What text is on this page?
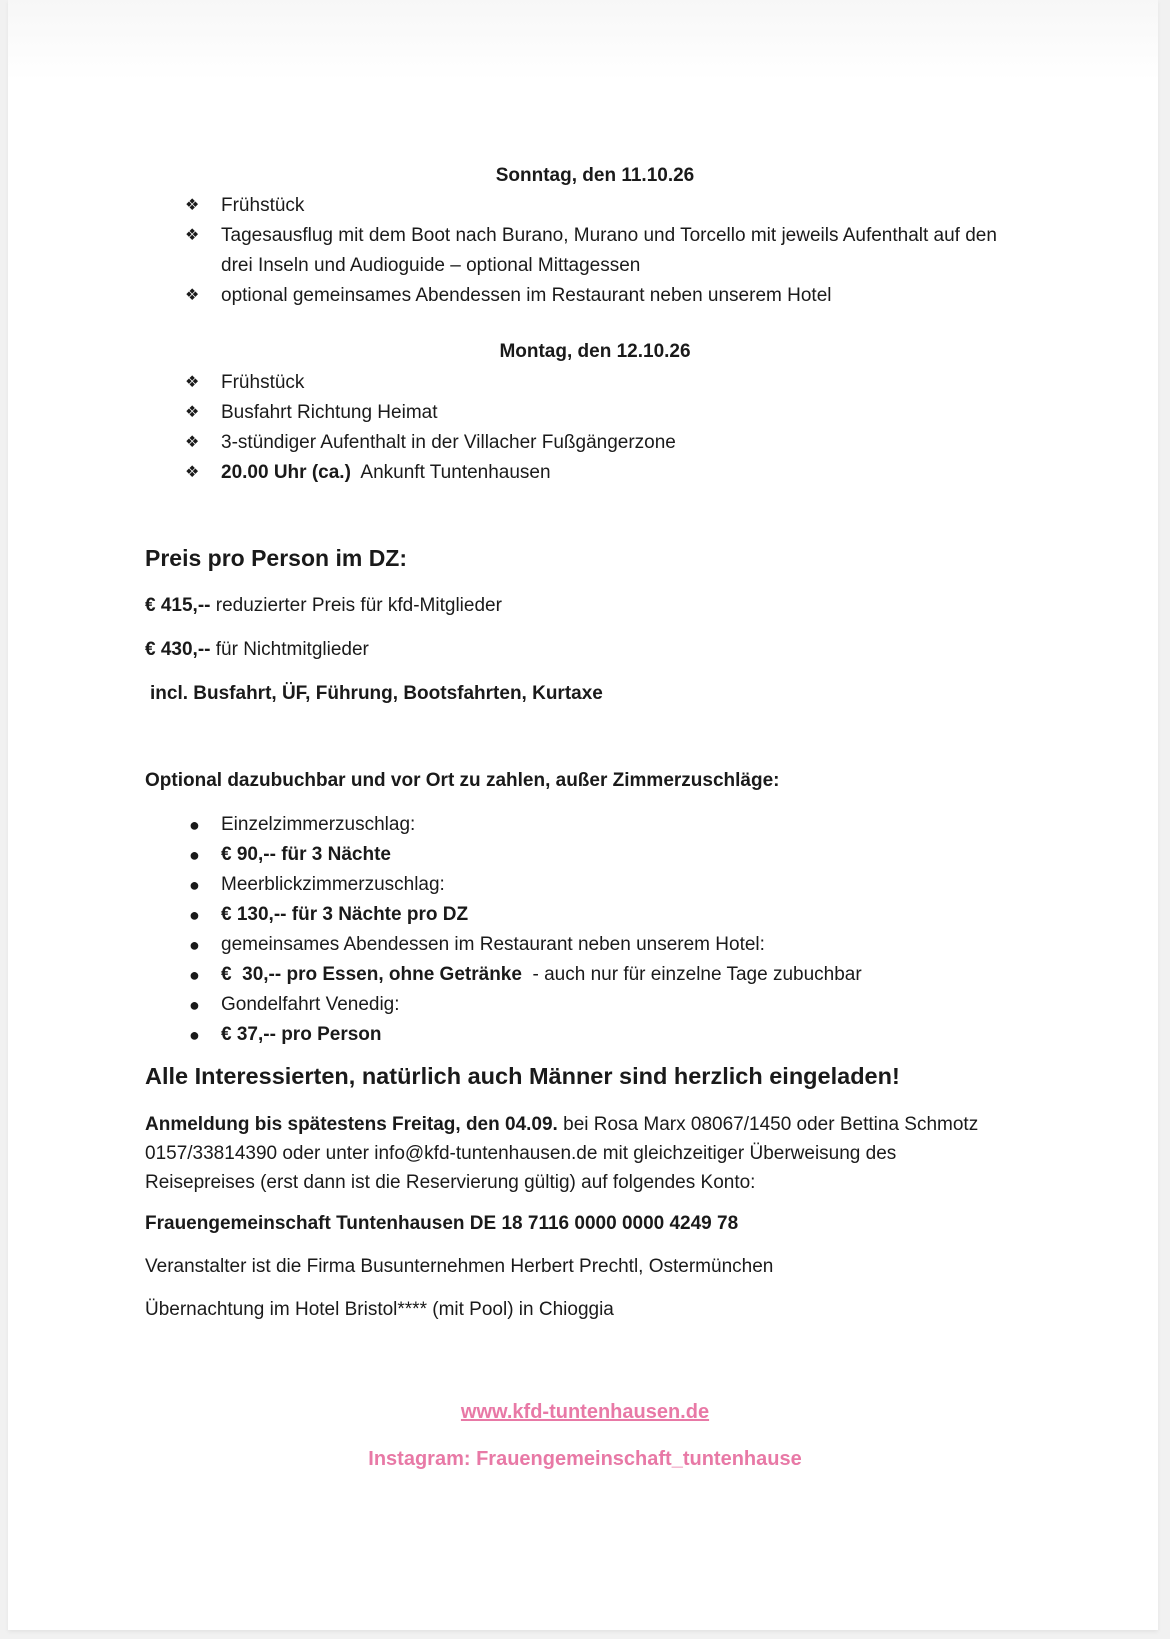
Sonntag, den 11.10.26
❖ Frühstück
❖ Tagesausflug mit dem Boot nach Burano, Murano und Torcello mit jeweils Aufenthalt auf den drei Inseln und Audioguide – optional Mittagessen
❖ optional gemeinsames Abendessen im Restaurant neben unserem Hotel
Montag, den 12.10.26
❖ Frühstück
❖ Busfahrt Richtung Heimat
❖ 3-stündiger Aufenthalt in der Villacher Fußgängerzone
❖ 20.00 Uhr (ca.)  Ankunft Tuntenhausen
Preis pro Person im DZ:
€ 415,-- reduzierter Preis für kfd-Mitglieder
€ 430,-- für Nichtmitglieder
incl. Busfahrt, ÜF, Führung, Bootsfahrten, Kurtaxe
Optional dazubuchbar und vor Ort zu zahlen, außer Zimmerzuschläge:
● Einzelzimmerzuschlag:
● € 90,-- für 3 Nächte
● Meerblickzimmerzuschlag:
● € 130,-- für 3 Nächte pro DZ
● gemeinsames Abendessen im Restaurant neben unserem Hotel:
● €  30,-- pro Essen, ohne Getränke  - auch nur für einzelne Tage zubuchbar
● Gondelfahrt Venedig:
● € 37,-- pro Person
Alle Interessierten, natürlich auch Männer sind herzlich eingeladen!
Anmeldung bis spätestens Freitag, den 04.09. bei Rosa Marx 08067/1450 oder Bettina Schmotz 0157/33814390 oder unter info@kfd-tuntenhausen.de mit gleichzeitiger Überweisung des Reisepreises (erst dann ist die Reservierung gültig) auf folgendes Konto:
Frauengemeinschaft Tuntenhausen DE 18 7116 0000 0000 4249 78
Veranstalter ist die Firma Busunternehmen Herbert Prechtl, Ostermünchen
Übernachtung im Hotel Bristol**** (mit Pool) in Chioggia
www.kfd-tuntenhausen.de
Instagram: Frauengemeinschaft_tuntenhause
